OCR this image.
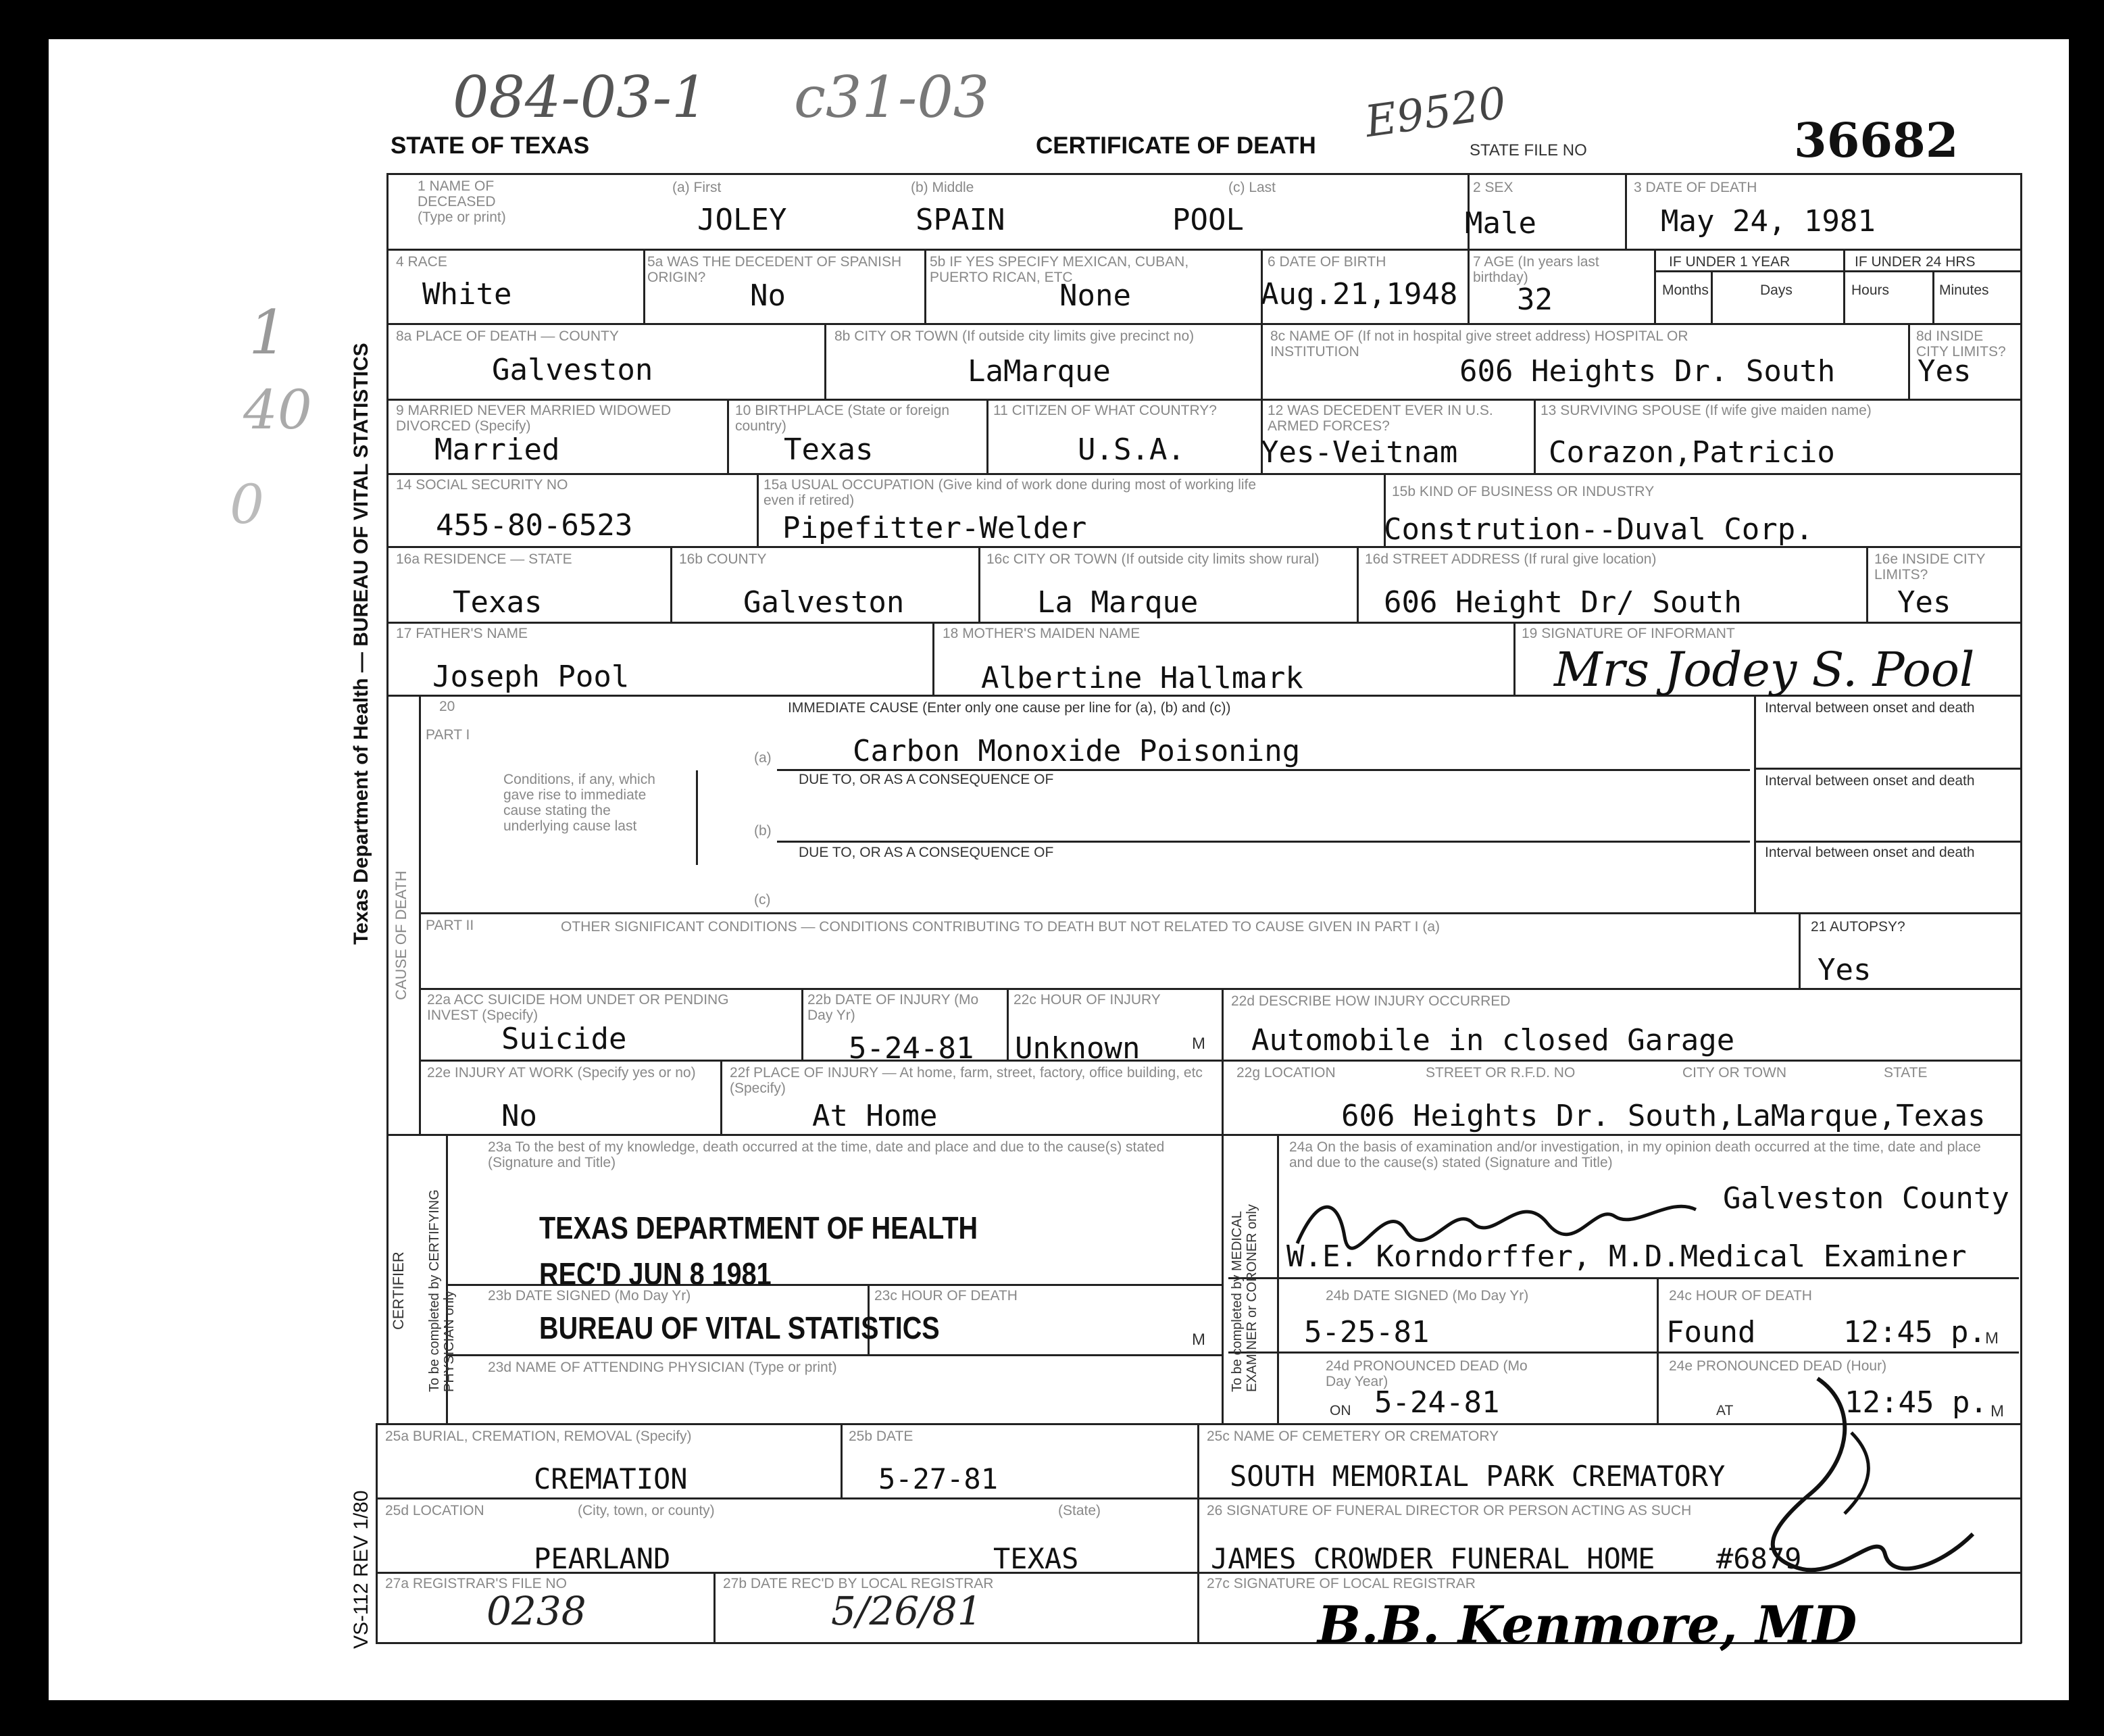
084-03-1 c31-03
STATE OF TEXAS	CERTIFICATE OF DEATH E9520
STATE FILE NO	36682
Texas Department of Health — BUREAU OF VITAL STATISTICS
VS-112 REV 1/80
1
40
0
1 NAME OF DECEASED (Type or print)
(a) First	(b) Middle	(c) Last
JOLEY	SPAIN	POOL
2 SEX
Male
3 DATE OF DEATH
May 24, 1981
4 RACE
White
5a WAS THE DECEDENT OF SPANISH ORIGIN?
No
5b IF YES SPECIFY MEXICAN, CUBAN, PUERTO RICAN, ETC
None
6 DATE OF BIRTH
Aug.21,1948
7 AGE (In years last birthday)
32
IF UNDER 1 YEAR	IF UNDER 24 HRS
Months	Days	Hours	Minutes
8a PLACE OF DEATH — COUNTY
Galveston
8b CITY OR TOWN (If outside city limits give precinct no)
LaMarque
8c NAME OF (If not in hospital give street address) HOSPITAL OR INSTITUTION
606 Heights Dr. South
8d INSIDE CITY LIMITS?
Yes
9 MARRIED NEVER MARRIED WIDOWED DIVORCED (Specify)
Married
10 BIRTHPLACE (State or foreign country)
Texas
11 CITIZEN OF WHAT COUNTRY?
U.S.A.
12 WAS DECEDENT EVER IN U.S. ARMED FORCES?
Yes-Veitnam
13 SURVIVING SPOUSE (If wife give maiden name)
Corazon,Patricio
14 SOCIAL SECURITY NO
455-80-6523
15a USUAL OCCUPATION (Give kind of work done during most of working life even if retired)
Pipefitter-Welder
15b KIND OF BUSINESS OR INDUSTRY
Constrution--Duval Corp.
16a RESIDENCE — STATE
Texas
16b COUNTY
Galveston
16c CITY OR TOWN (If outside city limits show rural)
La Marque
16d STREET ADDRESS (If rural give location)
606 Height Dr/ South
16e INSIDE CITY LIMITS?
Yes
17 FATHER'S NAME
Joseph Pool
18 MOTHER'S MAIDEN NAME
Albertine Hallmark
19 SIGNATURE OF INFORMANT
Mrs Jodey S. Pool
CAUSE OF DEATH
20
PART I
IMMEDIATE CAUSE (Enter only one cause per line for (a), (b) and (c))
Conditions, if any, which gave rise to immediate cause stating the underlying cause last
(a)	Carbon Monoxide Poisoning
DUE TO, OR AS A CONSEQUENCE OF
(b)
DUE TO, OR AS A CONSEQUENCE OF
(c)
Interval between onset and death
Interval between onset and death
Interval between onset and death
PART II	OTHER SIGNIFICANT CONDITIONS — CONDITIONS CONTRIBUTING TO DEATH BUT NOT RELATED TO CAUSE GIVEN IN PART I (a)	21 AUTOPSY?
Yes
22a ACC SUICIDE HOM UNDET OR PENDING INVEST (Specify)
Suicide
22b DATE OF INJURY (Mo Day Yr)
5-24-81
22c HOUR OF INJURY
Unknown	M
22d DESCRIBE HOW INJURY OCCURRED
Automobile in closed Garage
22e INJURY AT WORK (Specify yes or no)
No
22f PLACE OF INJURY — At home, farm, street, factory, office building, etc (Specify)
At Home
22g LOCATION	STREET OR R.F.D. NO	CITY OR TOWN	STATE
606 Heights Dr. South,LaMarque,Texas
CERTIFIER To be completed by CERTIFYING PHYSICIAN only
23a To the best of my knowledge, death occurred at the time, date and place and due to the cause(s) stated (Signature and Title)
TEXAS DEPARTMENT OF HEALTH
REC'D JUN 8 1981
BUREAU OF VITAL STATISTICS
23b DATE SIGNED (Mo Day Yr)	23c HOUR OF DEATH
M
23d NAME OF ATTENDING PHYSICIAN (Type or print)	To be completed by MEDICAL EXAMINER or CORONER only
24a On the basis of examination and/or investigation, in my opinion death occurred at the time, date and place and due to the cause(s) stated (Signature and Title)
Galveston County
W.E. Korndorffer, M.D.Medical Examiner
24b DATE SIGNED (Mo Day Yr)
5-25-81
24c HOUR OF DEATH
Found	12:45 p.
M
24d PRONOUNCED DEAD (Mo Day Year)
ON 5-24-81
24e PRONOUNCED DEAD (Hour)
AT	12:45 p. M
25a BURIAL, CREMATION, REMOVAL (Specify)
CREMATION
25b DATE
5-27-81
25c NAME OF CEMETERY OR CREMATORY
SOUTH MEMORIAL PARK CREMATORY
25d LOCATION	(City, town, or county)	(State)
PEARLAND	TEXAS
26 SIGNATURE OF FUNERAL DIRECTOR OR PERSON ACTING AS SUCH
JAMES CROWDER FUNERAL HOME #6879
27a REGISTRAR'S FILE NO
0238
27b DATE REC'D BY LOCAL REGISTRAR
5/26/81
27c SIGNATURE OF LOCAL REGISTRAR
B.B. Kenmore, MD
